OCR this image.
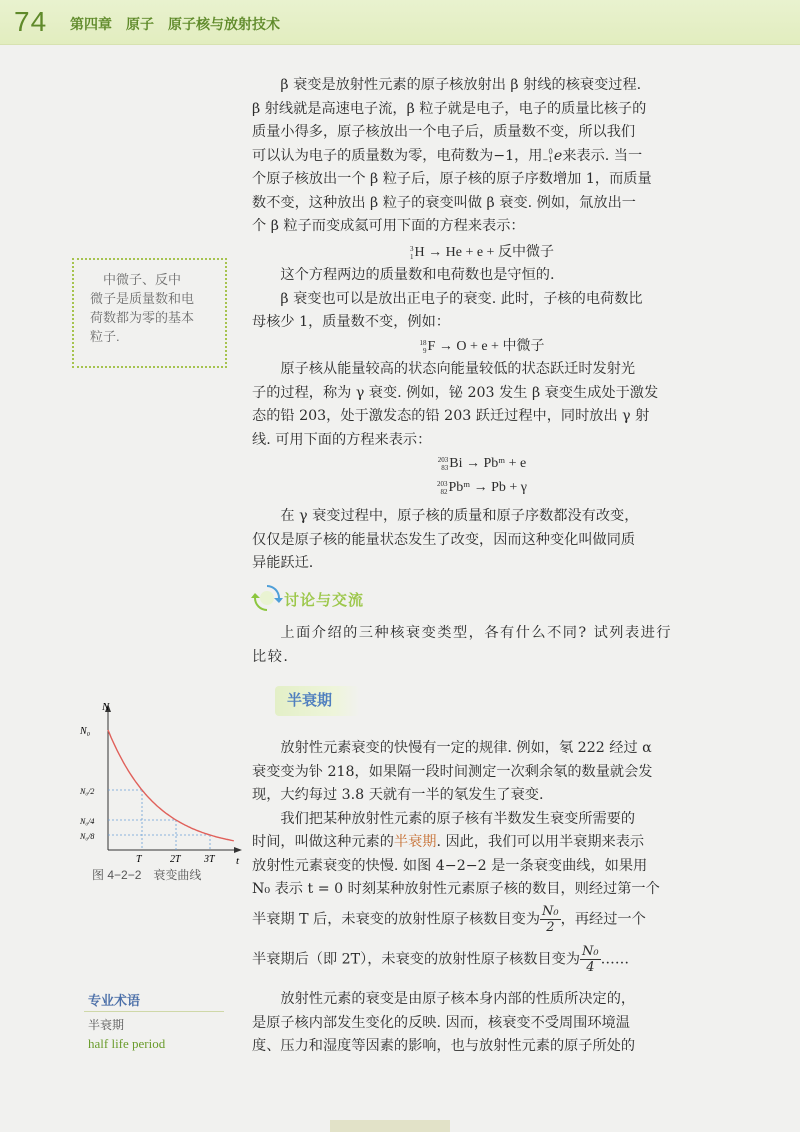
74 第四章　原子　原子核与放射技术

β 衰变是放射性元素的原子核放射出 β 射线的核衰变过程.

β 射线就是高速电子流，β 粒子就是电子，电子的质量比核子的
质量小得多，原子核放出一个电子后，质量数不变，所以我们
可以认为电子的质量数为零，电荷数为−1，用 0
−1 e来表示. 当一
个原子核放出一个 β 粒子后，原子核的原子序数增加 1，而质量
数不变，这种放出 β 粒子的衰变叫做 β 衰变. 例如，氚放出一
个 β 粒子而变成氦可用下面的方程来表示：
3
1 H → He + e + 反中微子

这个方程两边的质量数和电荷数也是守恒的.

β 衰变也可以是放出正电子的衰变. 此时，子核的电荷数比

母核少 1，质量数不变，例如：
18
9 F → O + e + 中微子

原子核从能量较高的状态向能量较低的状态跃迁时发射光

子的过程，称为 γ 衰变. 例如，铋 203 发生 β 衰变生成处于激发
态的铅 203，处于激发态的铅 203 跃迁过程中，同时放出 γ 射
线. 可用下面的方程来表示：
203
83 Bi → Pbᵐ + e
203
82 Pbᵐ → Pb + γ

在 γ 衰变过程中，原子核的质量和原子序数都没有改变，

仅仅是原子核的能量状态发生了改变，因而这种变化叫做同质
异能跃迁.
中微子、反中
微子是质量数和电
荷数都为零的基本
粒子.
讨论与交流

上面介绍的三种核衰变类型，各有什么不同? 试列表进行

比较.
半衰期

放射性元素衰变的快慢有一定的规律. 例如，氡 222 经过 α

衰变变为钋 218，如果隔一段时间测定一次剩余氡的数量就会发
现，大约每过 3.8 天就有一半的氡发生了衰变.

我们把某种放射性元素的原子核有半数发生衰变所需要的

时间，叫做这种元素的半衰期. 因此，我们可以用半衰期来表示
放射性元素衰变的快慢. 如图 4−2−2 是一条衰变曲线，如果用
N₀ 表示 t = 0 时刻某种放射性元素原子核的数目，则经过第一个
半衰期 T 后，未衰变的放射性原子核数目变为 $\frac{\text{N₀}}{2}$ ，再经过一个
半衰期后（即 2T），未衰变的放射性原子核数目变为 $\frac{\text{N₀}}{4}$ ……

放射性元素的衰变是由原子核本身内部的性质所决定的，

是原子核内部发生变化的反映. 因而，核衰变不受周围环境温
度、压力和湿度等因素的影响，也与放射性元素的原子所处的
N
t
N₀
N₀/2
N₀/4
N₀/8
T	2T 3T
图 4−2−2　衰变曲线
专业术语
半衰期
half life period
